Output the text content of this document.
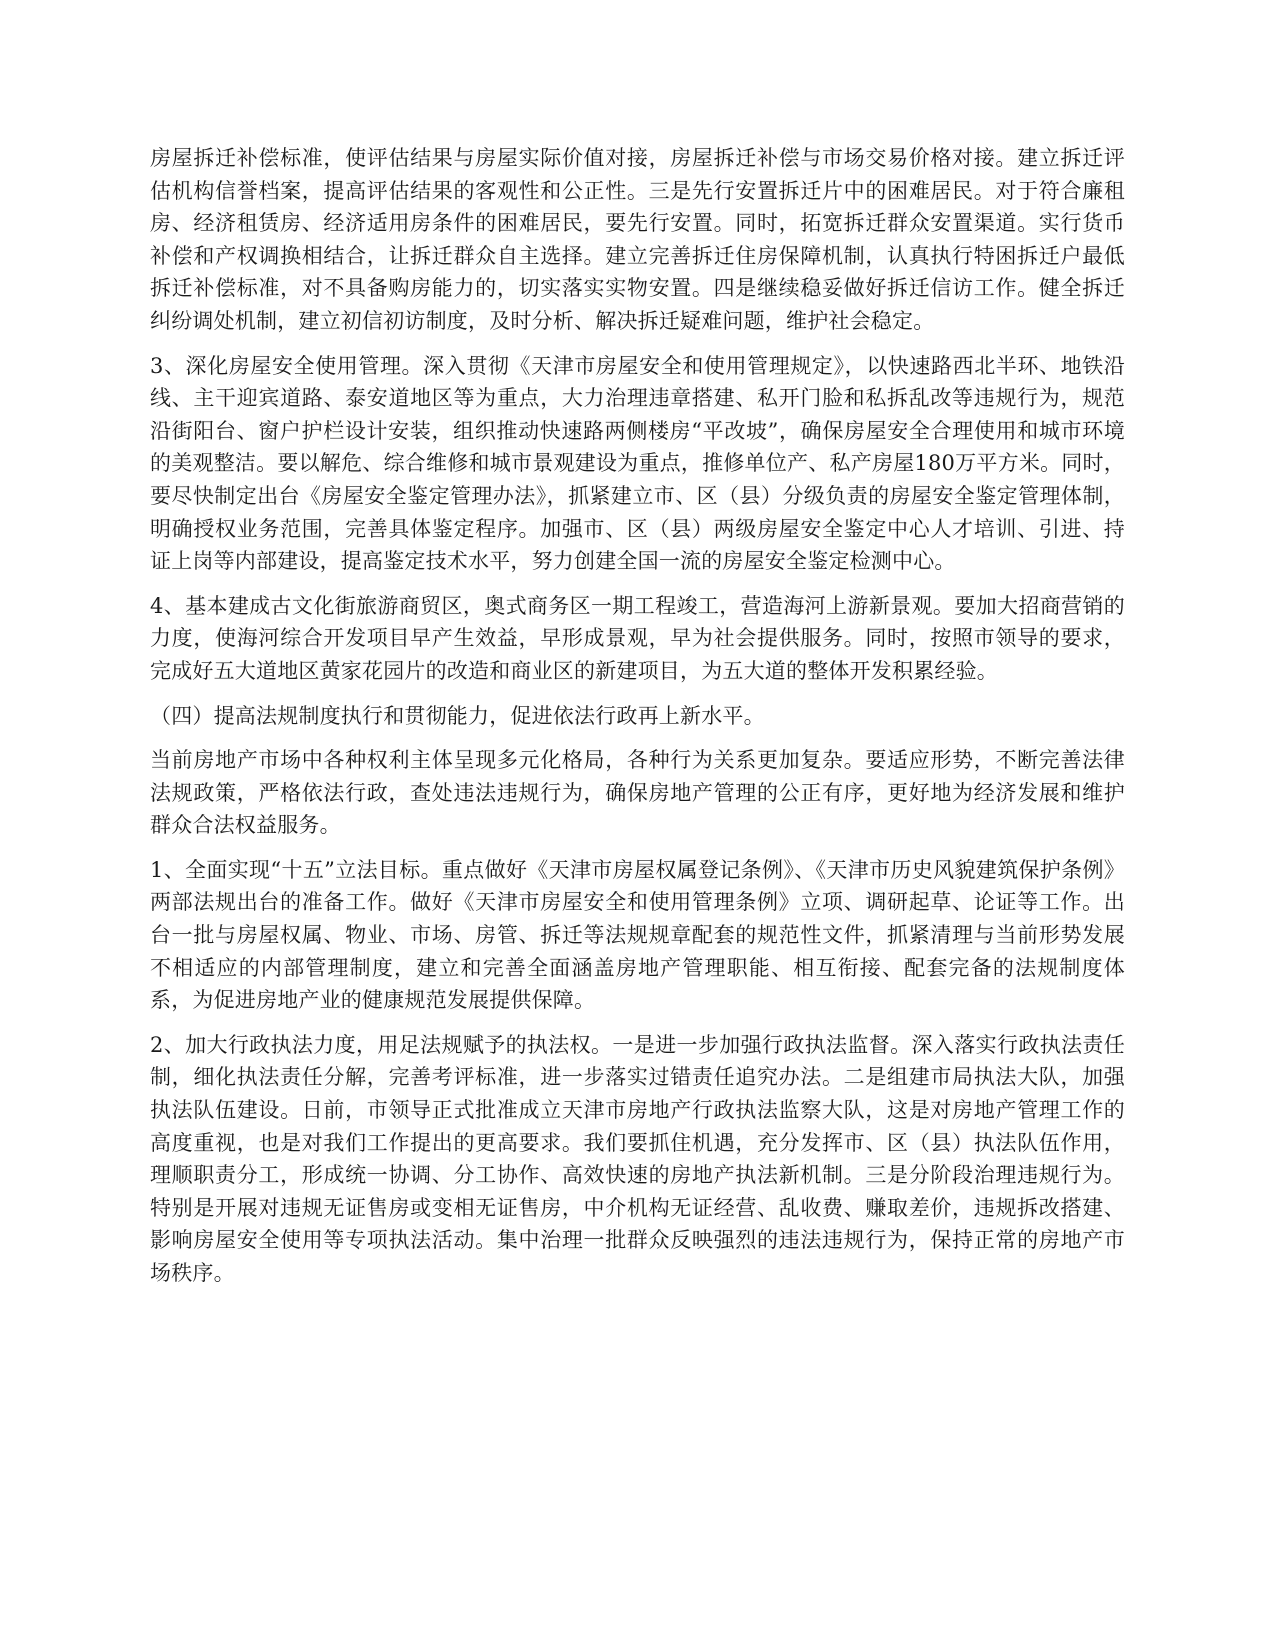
房屋拆迁补偿标准，使评估结果与房屋实际价值对接，房屋拆迁补偿与市场交易价格对接。建立拆迁评估机构信誉档案，提高评估结果的客观性和公正性。三是先行安置拆迁片中的困难居民。对于符合廉租房、经济租赁房、经济适用房条件的困难居民，要先行安置。同时，拓宽拆迁群众安置渠道。实行货币补偿和产权调换相结合，让拆迁群众自主选择。建立完善拆迁住房保障机制，认真执行特困拆迁户最低拆迁补偿标准，对不具备购房能力的，切实落实实物安置。四是继续稳妥做好拆迁信访工作。健全拆迁纠纷调处机制，建立初信初访制度，及时分析、解决拆迁疑难问题，维护社会稳定。

3、深化房屋安全使用管理。深入贯彻《天津市房屋安全和使用管理规定》，以快速路西北半环、地铁沿线、主干迎宾道路、泰安道地区等为重点，大力治理违章搭建、私开门脸和私拆乱改等违规行为，规范沿街阳台、窗户护栏设计安装，组织推动快速路两侧楼房“平改坡”，确保房屋安全合理使用和城市环境的美观整洁。要以解危、综合维修和城市景观建设为重点，推修单位产、私产房屋180万平方米。同时，要尽快制定出台《房屋安全鉴定管理办法》，抓紧建立市、区（县）分级负责的房屋安全鉴定管理体制，明确授权业务范围，完善具体鉴定程序。加强市、区（县）两级房屋安全鉴定中心人才培训、引进、持证上岗等内部建设，提高鉴定技术水平，努力创建全国一流的房屋安全鉴定检测中心。

4、基本建成古文化街旅游商贸区，奥式商务区一期工程竣工，营造海河上游新景观。要加大招商营销的力度，使海河综合开发项目早产生效益，早形成景观，早为社会提供服务。同时，按照市领导的要求，完成好五大道地区黄家花园片的改造和商业区的新建项目，为五大道的整体开发积累经验。

（四）提高法规制度执行和贯彻能力，促进依法行政再上新水平。

当前房地产市场中各种权利主体呈现多元化格局，各种行为关系更加复杂。要适应形势，不断完善法律法规政策，严格依法行政，查处违法违规行为，确保房地产管理的公正有序，更好地为经济发展和维护群众合法权益服务。

1、全面实现“十五”立法目标。重点做好《天津市房屋权属登记条例》、《天津市历史风貌建筑保护条例》两部法规出台的准备工作。做好《天津市房屋安全和使用管理条例》立项、调研起草、论证等工作。出台一批与房屋权属、物业、市场、房管、拆迁等法规规章配套的规范性文件，抓紧清理与当前形势发展不相适应的内部管理制度，建立和完善全面涵盖房地产管理职能、相互衔接、配套完备的法规制度体系，为促进房地产业的健康规范发展提供保障。

2、加大行政执法力度，用足法规赋予的执法权。一是进一步加强行政执法监督。深入落实行政执法责任制，细化执法责任分解，完善考评标准，进一步落实过错责任追究办法。二是组建市局执法大队，加强执法队伍建设。日前，市领导正式批准成立天津市房地产行政执法监察大队，这是对房地产管理工作的高度重视，也是对我们工作提出的更高要求。我们要抓住机遇，充分发挥市、区（县）执法队伍作用，理顺职责分工，形成统一协调、分工协作、高效快速的房地产执法新机制。三是分阶段治理违规行为。特别是开展对违规无证售房或变相无证售房，中介机构无证经营、乱收费、赚取差价，违规拆改搭建、影响房屋安全使用等专项执法活动。集中治理一批群众反映强烈的违法违规行为，保持正常的房地产市场秩序。
